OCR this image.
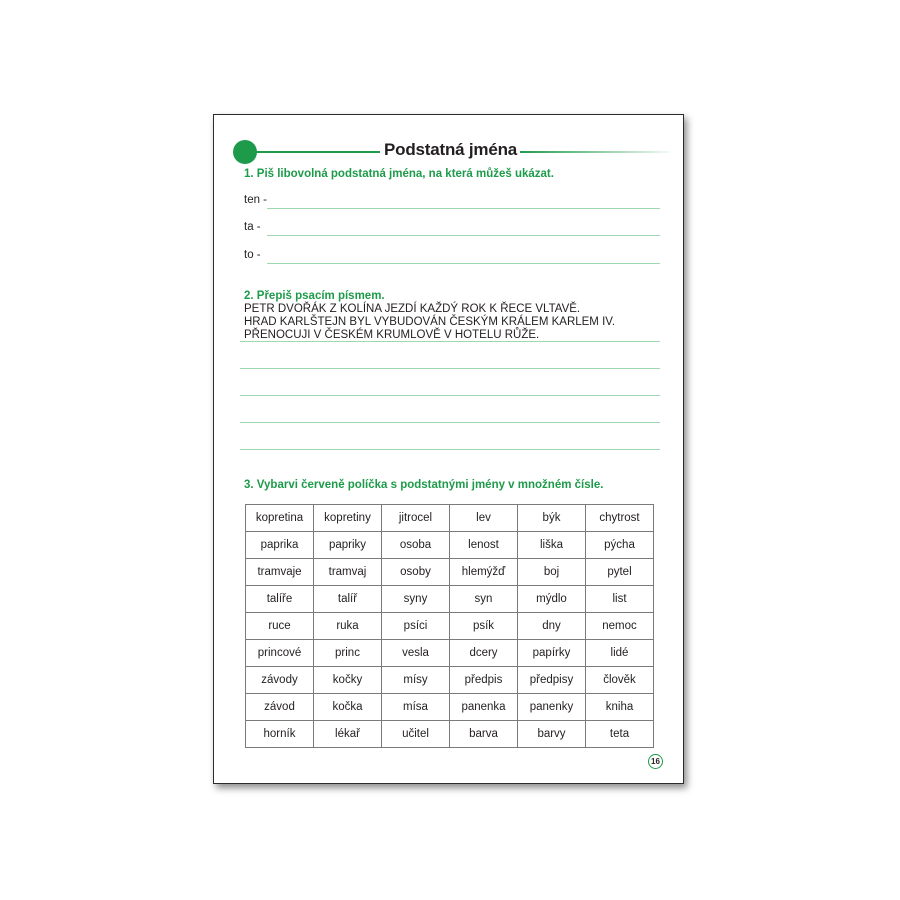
Podstatná jména
1. Piš libovolná podstatná jména, na která můžeš ukázat.
ten -
ta -
to -
2. Přepiš psacím písmem.
PETR DVOŘÁK Z KOLÍNA JEZDÍ KAŽDÝ ROK K ŘECE VLTAVĚ.
HRAD KARLŠTEJN BYL VYBUDOVÁN ČESKÝM KRÁLEM KARLEM IV.
PŘENOCUJI V ČESKÉM KRUMLOVĚ V HOTELU RŮŽE.
3. Vybarvi červeně políčka s podstatnými jmény v množném čísle.
kopretina	kopretiny	jitrocel	lev	býk	chytrost
paprika	papriky	osoba	lenost	liška	pýcha
tramvaje	tramvaj	osoby	hlemýžď	boj	pytel
talíře	talíř	syny	syn	mýdlo	list
ruce	ruka	psíci	psík	dny	nemoc
princové	princ	vesla	dcery	papírky	lidé
závody	kočky	mísy	předpis	předpisy	člověk
závod	kočka	mísa	panenka	panenky	kniha
horník	lékař	učitel	barva	barvy	teta
16
